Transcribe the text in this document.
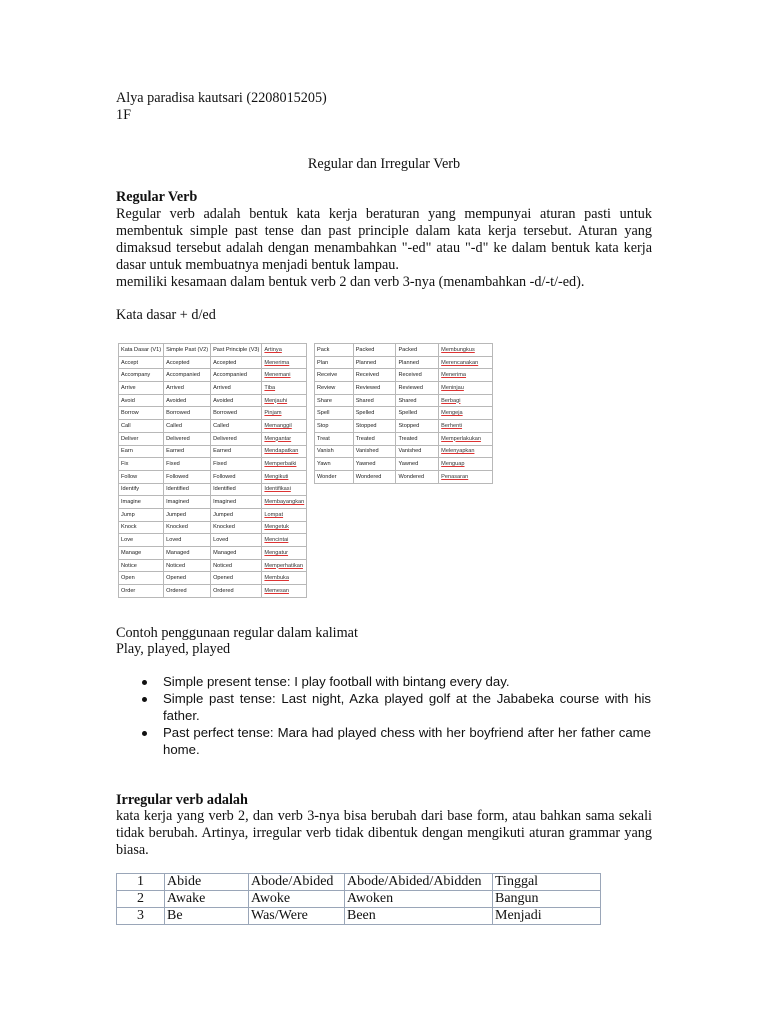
Alya paradisa kautsari (2208015205)

1F

Regular dan Irregular Verb

Regular Verb

Regular verb adalah bentuk kata kerja beraturan yang mempunyai aturan pasti untuk membentuk simple past tense dan past principle dalam kata kerja tersebut. Aturan yang dimaksud tersebut adalah dengan menambahkan "-ed" atau "-d" ke dalam bentuk kata kerja dasar untuk membuatnya menjadi bentuk lampau.

memiliki kesamaan dalam bentuk verb 2 dan verb 3-nya (menambahkan -d/-t/-ed).

Kata dasar + d/ed

Kata Dasar (V1)	Simple Past (V2)	Past Principle (V3)	Artinya
Accept	Accepted	Accepted	Menerima
Accompany	Accompanied	Accompanied	Menemani
Arrive	Arrived	Arrived	Tiba
Avoid	Avoided	Avoided	Menjauhi
Borrow	Borrowed	Borrowed	Pinjam
Call	Called	Called	Memanggil
Deliver	Delivered	Delivered	Mengantar
Earn	Earned	Earned	Mendapatkan
Fix	Fixed	Fixed	Memperbaiki
Follow	Followed	Followed	Mengikuti
Identify	Identified	Identified	Identifikasi
Imagine	Imagined	Imagined	Membayangkan
Jump	Jumped	Jumped	Lompat
Knock	Knocked	Knocked	Mengetuk
Love	Loved	Loved	Mencintai
Manage	Managed	Managed	Mengatur
Notice	Noticed	Noticed	Memperhatikan
Open	Opened	Opened	Membuka
Order	Ordered	Ordered	Memesan
Pack	Packed	Packed	Membungkus
Plan	Planned	Planned	Merencanakan
Receive	Received	Received	Menerima
Review	Reviewed	Reviewed	Meninjau
Share	Shared	Shared	Berbagi
Spell	Spelled	Spelled	Mengeja
Stop	Stopped	Stopped	Berhenti
Treat	Treated	Treated	Memperlakukan
Vanish	Vanished	Vanished	Melenyapkan
Yawn	Yawned	Yawned	Menguap
Wonder	Wondered	Wondered	Penasaran

Contoh penggunaan regular dalam kalimat

Play, played, played

Simple present tense: I play football with bintang every day.

Simple past tense: Last night, Azka played golf at the Jababeka course with his father.

Past perfect tense: Mara had played chess with her boyfriend after her father came home.

Irregular verb adalah

kata kerja yang verb 2, dan verb 3-nya bisa berubah dari base form, atau bahkan sama sekali tidak berubah. Artinya, irregular verb tidak dibentuk dengan mengikuti aturan grammar yang biasa.

1	Abide	Abode/Abided	Abode/Abided/Abidden	Tinggal
2	Awake	Awoke	Awoken	Bangun
3	Be	Was/Were	Been	Menjadi
